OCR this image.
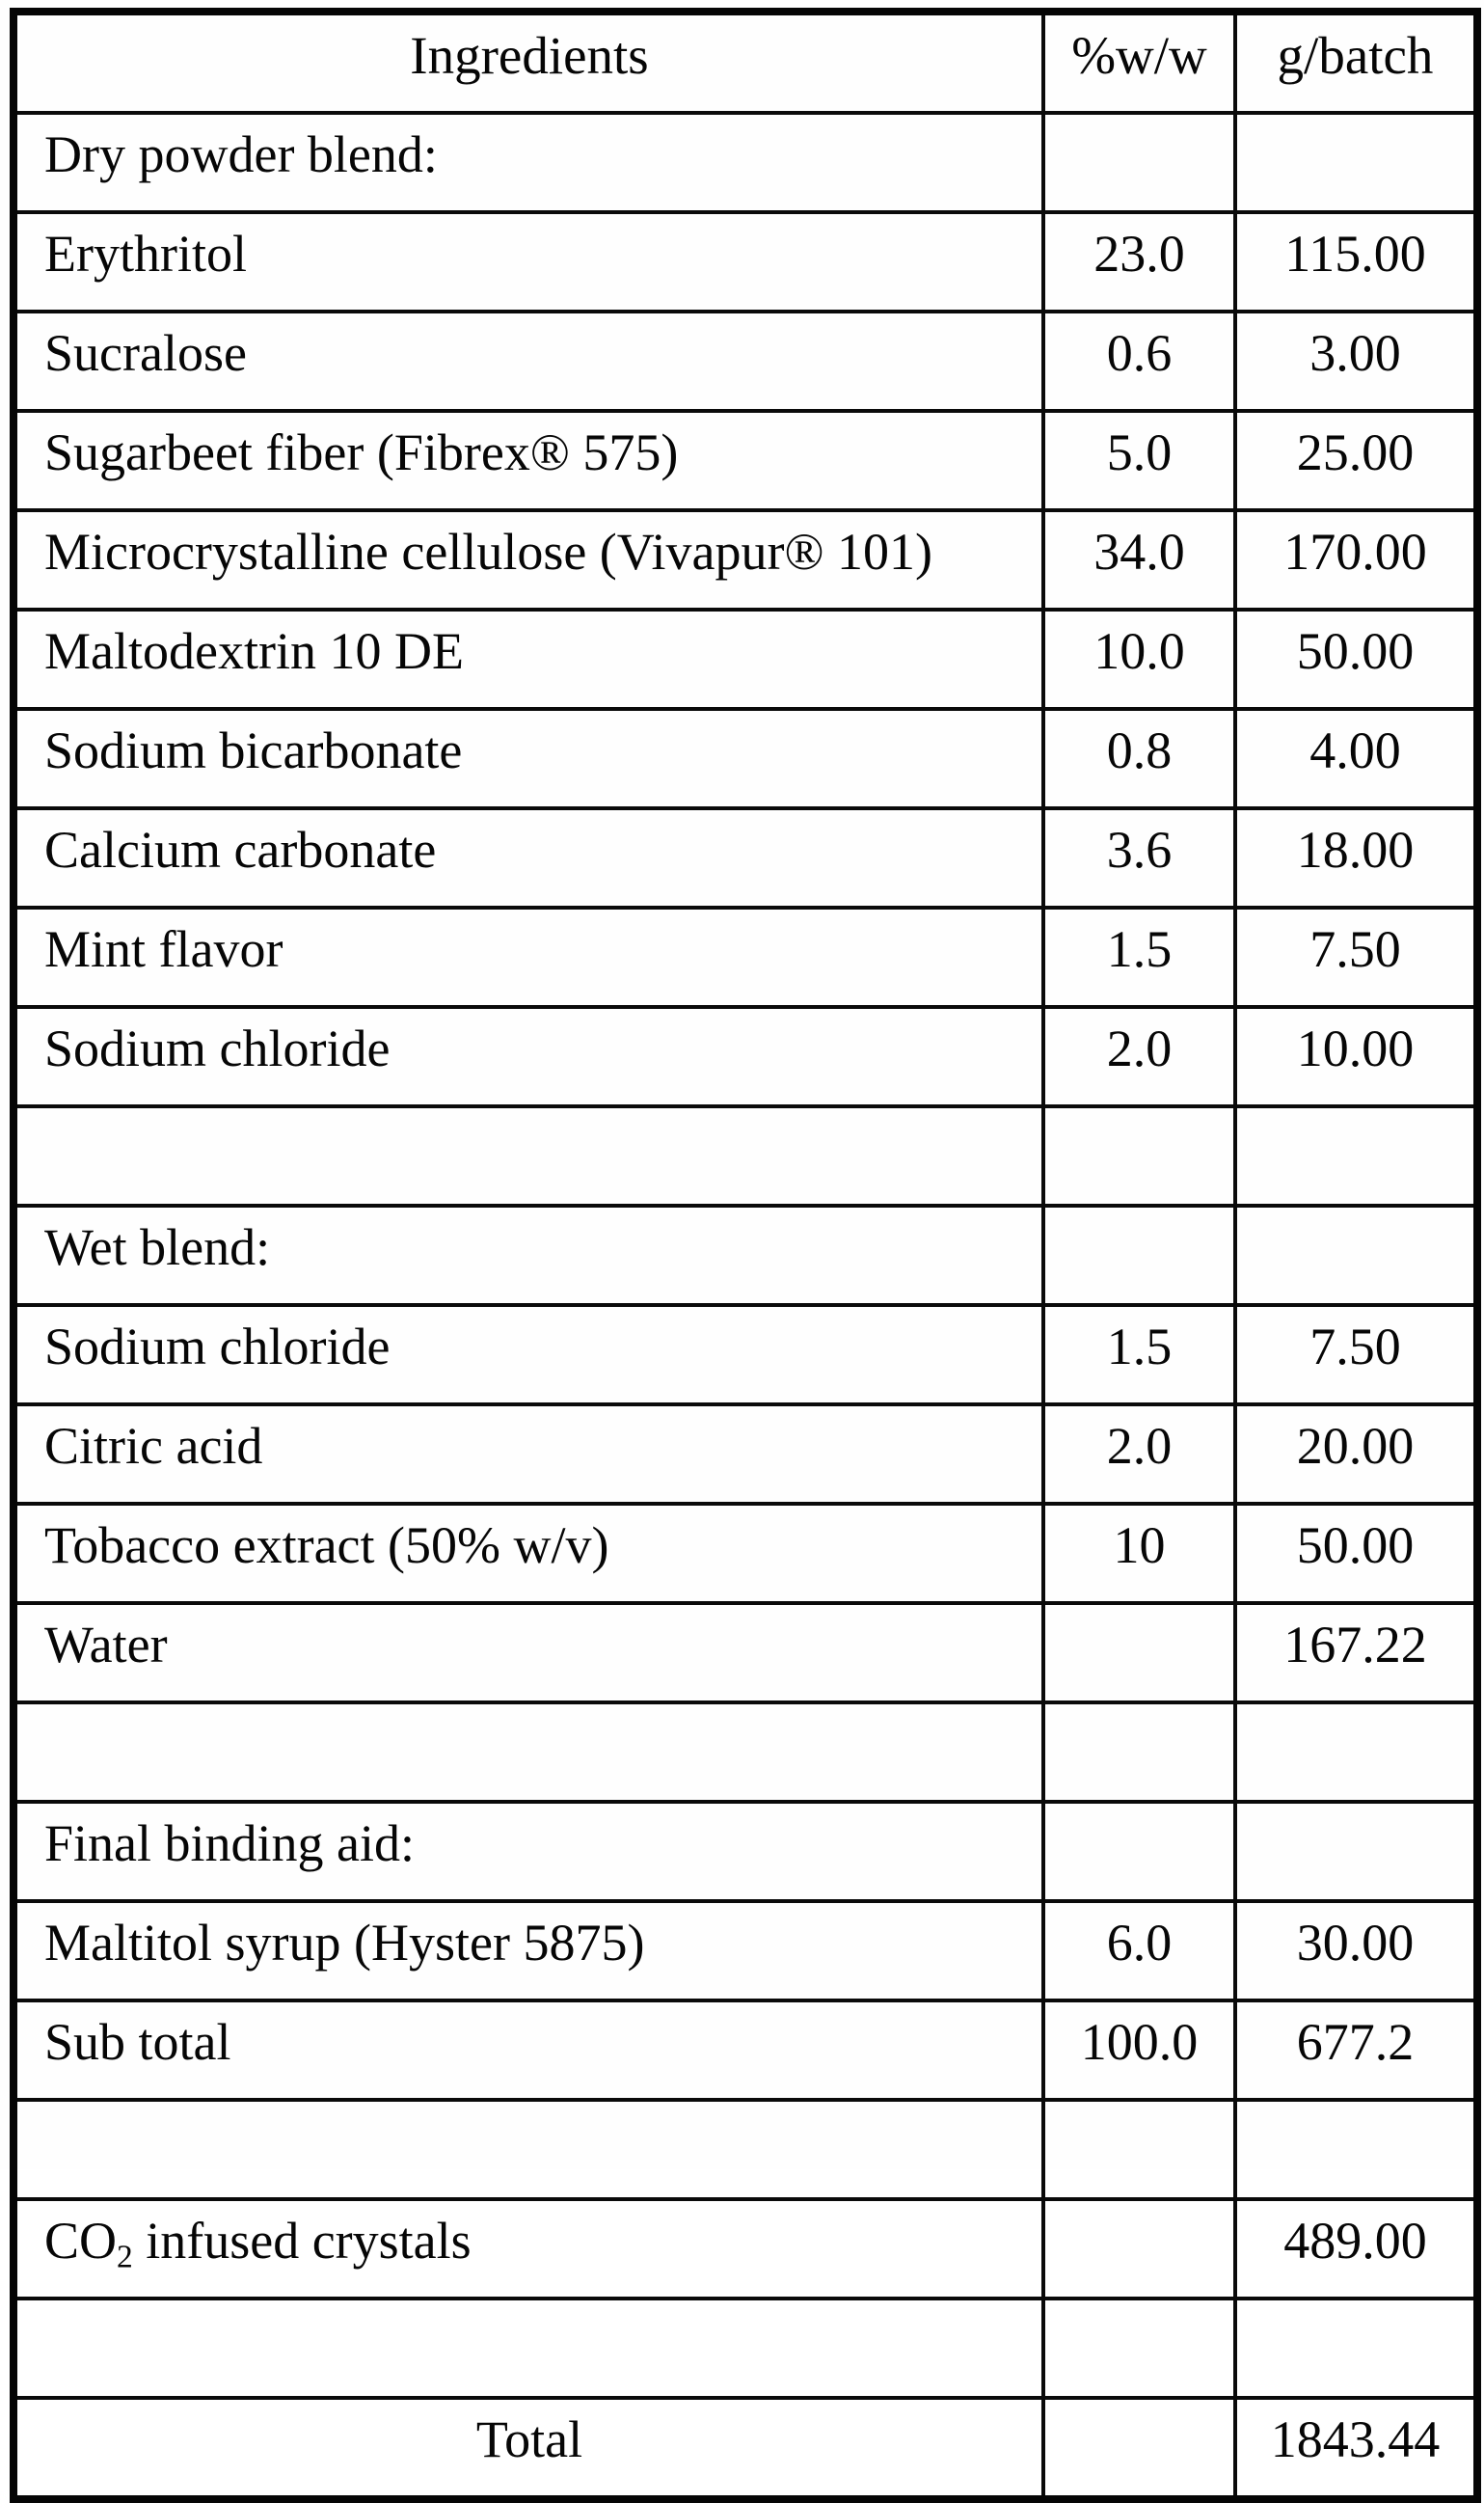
Ingredients	%w/w	g/batch
Dry powder blend:		
Erythritol	23.0	115.00
Sucralose	0.6	3.00
Sugarbeet fiber (Fibrex® 575)	5.0	25.00
Microcrystalline cellulose (Vivapur® 101)	34.0	170.00
Maltodextrin 10 DE	10.0	50.00
Sodium bicarbonate	0.8	4.00
Calcium carbonate	3.6	18.00
Mint flavor	1.5	7.50
Sodium chloride	2.0	10.00

Wet blend:		
Sodium chloride	1.5	7.50
Citric acid	2.0	20.00
Tobacco extract (50% w/v)	10	50.00
Water		167.22

Final binding aid:		
Maltitol syrup (Hyster 5875)	6.0	30.00
Sub total	100.0	677.2

CO2 infused crystals		489.00

Total		1843.44
